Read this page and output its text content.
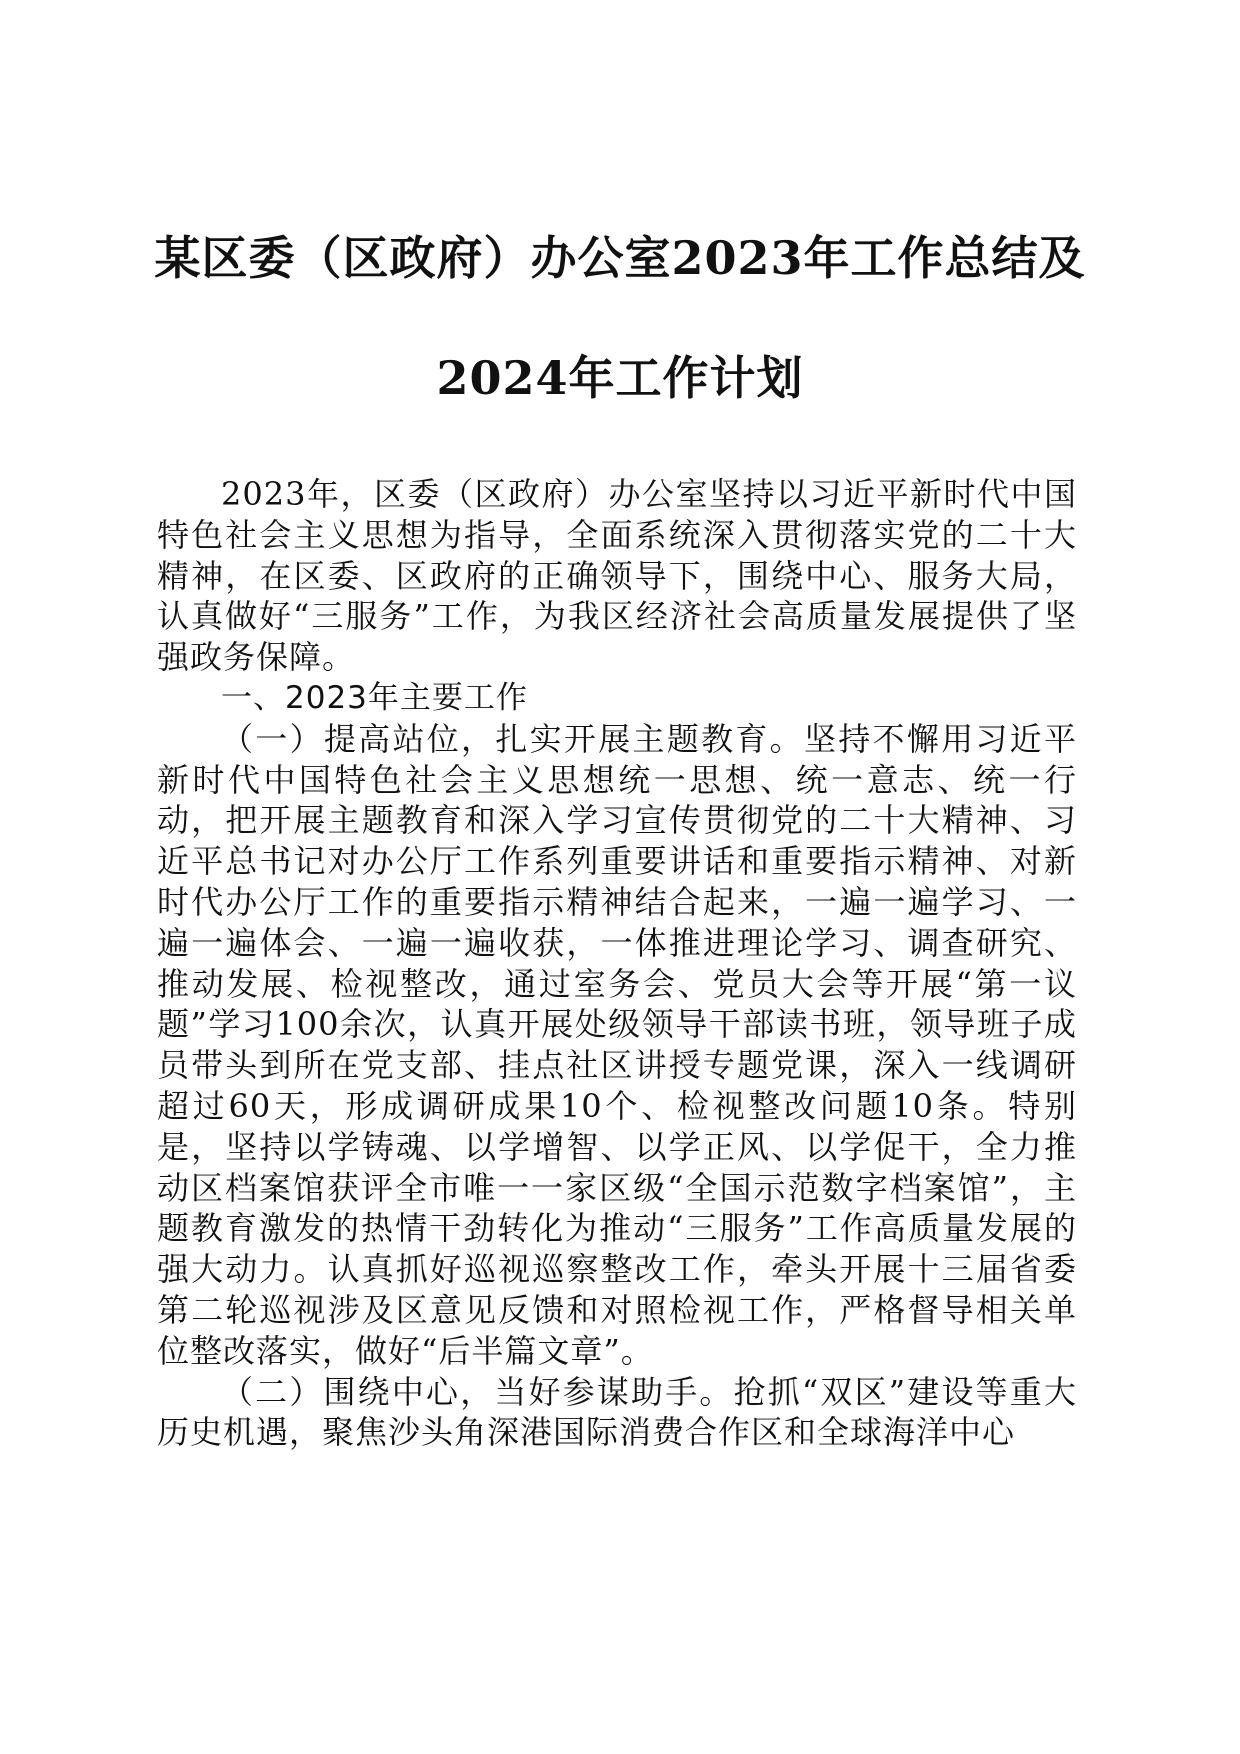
某区委（区政府）办公室2023年工作总结及
2024年工作计划

2023年，区委（区政府）办公室坚持以习近平新时代中国特色社会主义思想为指导，全面系统深入贯彻落实党的二十大精神，在区委、区政府的正确领导下，围绕中心、服务大局，认真做好“三服务”工作，为我区经济社会高质量发展提供了坚强政务保障。

一、2023年主要工作

（一）提高站位，扎实开展主题教育。坚持不懈用习近平新时代中国特色社会主义思想统一思想、统一意志、统一行动，把开展主题教育和深入学习宣传贯彻党的二十大精神、习近平总书记对办公厅工作系列重要讲话和重要指示精神、对新时代办公厅工作的重要指示精神结合起来，一遍一遍学习、一遍一遍体会、一遍一遍收获，一体推进理论学习、调查研究、推动发展、检视整改，通过室务会、党员大会等开展“第一议题”学习100余次，认真开展处级领导干部读书班，领导班子成员带头到所在党支部、挂点社区讲授专题党课，深入一线调研超过60天，形成调研成果10个、检视整改问题10条。特别是，坚持以学铸魂、以学增智、以学正风、以学促干，全力推动区档案馆获评全市唯一一家区级“全国示范数字档案馆”，主题教育激发的热情干劲转化为推动“三服务”工作高质量发展的强大动力。认真抓好巡视巡察整改工作，牵头开展十三届省委第二轮巡视涉及区意见反馈和对照检视工作，严格督导相关单位整改落实，做好“后半篇文章”。

（二）围绕中心，当好参谋助手。抢抓“双区”建设等重大历史机遇，聚焦沙头角深港国际消费合作区和全球海洋中心
